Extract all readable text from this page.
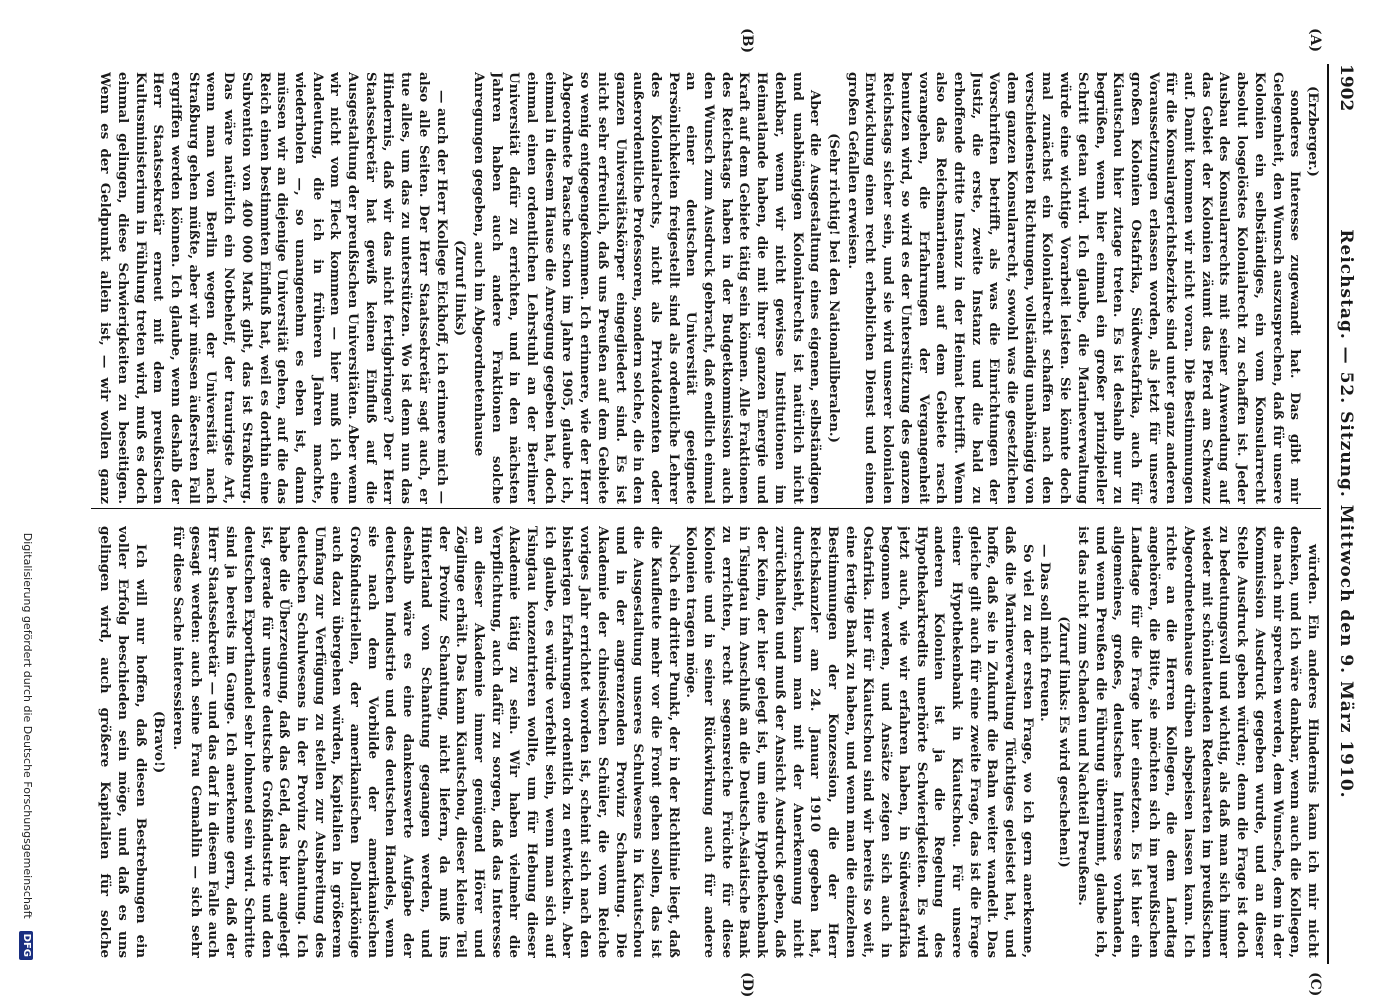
1902
Reichstag. — 52. Sitzung. Mittwoch den 9. März 1910.
(A)
(B)
(C)
(D)

(Erzberger.)

sonderes Interesse zugewandt hat. Das gibt mir Gelegenheit, den Wunsch auszusprechen, daß für unsere Kolonien ein selbständiges, ein vom Konsularrecht absolut losgelöstes Kolonialrecht zu schaffen ist. Jeder Ausbau des Konsularrechts mit seiner Anwendung auf das Gebiet der Kolonien zäumt das Pferd am Schwanz auf. Damit kommen wir nicht voran. Die Bestimmungen für die Konsulargerichtsbezirke sind unter ganz anderen Voraussetzungen erlassen worden, als jetzt für unsere großen Kolonien Ostafrika, Südwestafrika, auch für Kiautschou hier zutage treten. Es ist deshalb nur zu begrüßen, wenn hier einmal ein großer prinzipieller Schritt getan wird. Ich glaube, die Marineverwaltung würde eine wichtige Vorarbeit leisten. Sie könnte doch mal zunächst ein Kolonialrecht schaffen nach den verschiedensten Richtungen, vollständig unabhängig von dem ganzen Konsularrecht, sowohl was die gesetzlichen Vorschriften betrifft, als was die Einrichtungen der Justiz, die erste, zweite Instanz und die bald zu erhoffende dritte Instanz in der Heimat betrifft. Wenn also das Reichsmarineamt auf dem Gebiete rasch vorangehen, die Erfahrungen der Vergangenheit benutzen wird, so wird es der Unterstützung des ganzen Reichstags sicher sein, und sie wird unserer kolonialen Entwicklung einen recht erheblichen Dienst und einen großen Gefallen erweisen.

(Sehr richtig! bei den Nationalliberalen.)

Aber die Ausgestaltung eines eigenen, selbständigen und unabhängigen Kolonialrechts ist natürlich nicht denkbar, wenn wir nicht gewisse Institutionen im Heimatlande haben, die mit ihrer ganzen Energie und Kraft auf dem Gebiete tätig sein können. Alle Fraktionen des Reichstags haben in der Budgetkommission auch den Wunsch zum Ausdruck gebracht, daß endlich einmal an einer deutschen Universität geeignete Persönlichkeiten freigestellt sind als ordentliche Lehrer des Kolonialrechts, nicht als Privatdozenten oder außerordentliche Professoren, sondern solche, die in den ganzen Universitätskörper eingegliedert sind. Es ist nicht sehr erfreulich, daß uns Preußen auf dem Gebiete so wenig entgegengekommen. Ich erinnere, wie der Herr Abgeordnete Paasche schon im Jahre 1905, glaube ich, einmal in diesem Hause die Anregung gegeben hat, doch einmal einen ordentlichen Lehrstuhl an der Berliner Universität dafür zu errichten, und in den nächsten Jahren haben auch andere Fraktionen solche Anregungen gegeben, auch im Abgeordnetenhause

(Zuruf links)

— auch der Herr Kollege Eickhoff, ich erinnere mich — also alle Seiten. Der Herr Staatssekretär sagt auch, er tue alles, um das zu unterstützen. Wo ist denn nun das Hindernis, daß wir das nicht fertigbringen? Der Herr Staatssekretär hat gewiß keinen Einfluß auf die Ausgestaltung der preußischen Universitäten. Aber wenn wir nicht vom Fleck kommen — hier muß ich eine Andeutung, die ich in früheren Jahren machte, wiederholen —, so unangenehm es eben ist, dann müssen wir an diejenige Universität gehen, auf die das Reich einen bestimmten Einfluß hat, weil es dorthin eine Subvention von 400 000 Mark gibt, das ist Straßburg. Das wäre natürlich ein Notbehelf, der traurigste Art, wenn man von Berlin wegen der Universität nach Straßburg gehen müßte, aber wir müssen äußersten Fall ergriffen werden können. Ich glaube, wenn deshalb der Herr Staatssekretär erneut mit dem preußischen Kultusministerium in Fühlung treten wird, muß es doch einmal gelingen, diese Schwierigkeiten zu beseitigen. Wenn es der Geldpunkt allein ist, — wir wollen ganz

würden. Ein anderes Hindernis kann ich mir nicht denken, und ich wäre dankbar, wenn auch die Kollegen, die nach mir sprechen werden, dem Wunsche, dem in der Kommission Ausdruck gegeben wurde, und an dieser Stelle Ausdruck geben würden; denn die Frage ist doch zu bedeutungsvoll und wichtig, als daß man sich immer wieder mit schönlautenden Redensarten im preußischen Abgeordnetenhause drüben abspeisen lassen kann. Ich richte an die Herren Kollegen, die dem Landtag angehören, die Bitte, sie möchten sich im preußischen Landtage für die Frage hier einsetzen. Es ist hier ein allgemeines, großes, deutsches Interesse vorhanden, und wenn Preußen die Führung übernimmt, glaube ich, ist das nicht zum Schaden und Nachteil Preußens.

(Zuruf links: Es wird geschehen!)

— Das soll mich freuen.

So viel zu der ersten Frage, wo ich gern anerkenne, daß die Marineverwaltung Tüchtiges geleistet hat, und hoffe, daß sie in Zukunft die Bahn weiter wandelt. Das gleiche gilt auch für eine zweite Frage, das ist die Frage einer Hypothekenbank in Kiautschou. Für unsere anderen Kolonien ist ja die Regelung des Hypothekarkredits unerhörte Schwierigkeiten. Es wird jetzt auch, wie wir erfahren haben, in Südwestafrika begonnen werden, und Ansätze zeigen sich auch in Ostafrika. Hier für Kiautschou sind wir bereits so weit, eine fertige Bank zu haben, und wenn man die einzelnen Bestimmungen der Konzession, die der Herr Reichskanzler am 24. Januar 1910 gegeben hat, durchsieht, kann man mit der Anerkennung nicht zurückhalten und muß der Ansicht Ausdruck geben, daß der Keim, der hier gelegt ist, um eine Hypothekenbank in Tsingtau im Anschluß an die Deutsch-Asiatische Bank zu errichten, recht segensreiche Früchte für diese Kolonie und in seiner Rückwirkung auch für andere Kolonien tragen möge.

Noch ein dritter Punkt, der in der Richtlinie liegt, daß die Kaufleute mehr vor die Front gehen sollen, das ist die Ausgestaltung unseres Schulwesens in Kiautschou und in der angrenzenden Provinz Schantung. Die Akademie der chinesischen Schüler, die vom Reiche voriges Jahr errichtet worden ist, scheint sich nach den bisherigen Erfahrungen ordentlich zu entwickeln. Aber ich glaube, es würde verfehlt sein, wenn man sich auf Tsingtau konzentrieren wollte, um für Hebung dieser Akademie tätig zu sein. Wir haben vielmehr die Verpflichtung, auch dafür zu sorgen, daß das Interesse an dieser Akademie immer genügend Hörer und Zöglinge erhält. Das kann Kiautschou, dieser kleine Teil der Provinz Schantung, nicht liefern, da muß ins Hinterland von Schantung gegangen werden, und deshalb wäre es eine dankenswerte Aufgabe der deutschen Industrie und des deutschen Handels, wenn sie nach dem Vorbilde der amerikanischen Großindustriellen, der amerikanischen Dollarkönige auch dazu übergehen würden, Kapitalien in größerem Umfang zur Verfügung zu stellen zur Ausbreitung des deutschen Schulwesens in der Provinz Schantung. Ich habe die Überzeugung, daß das Geld, das hier angelegt ist, gerade für unsere deutsche Großindustrie und den deutschen Exporthandel sehr lohnend sein wird. Schritte sind ja bereits im Gange. Ich anerkenne gern, daß der Herr Staatssekretär — und das darf in diesem Falle auch gesagt werden: auch seine Frau Gemahlin — sich sehr für diese Sache interessieren.

(Bravo!)

Ich will nur hoffen, daß diesen Bestrebungen ein voller Erfolg beschieden sein möge, und daß es uns gelingen wird, auch größere Kapitalien für solche

Digitalisierung gefördert durch die Deutsche ForschungsgemeinschaftDFG
